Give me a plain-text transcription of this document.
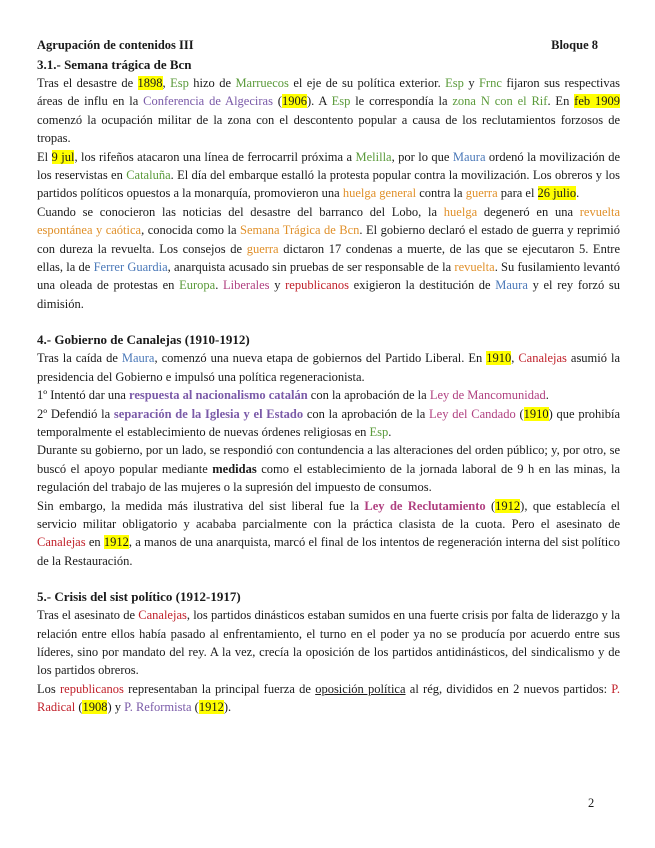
Agrupación de contenidos III	Bloque 8
3.1.- Semana trágica de Bcn

Tras el desastre de 1898, Esp hizo de Marruecos el eje de su política exterior. Esp y Frnc fijaron sus respectivas áreas de influ en la Conferencia de Algeciras (1906). A Esp le correspondía la zona N con el Rif. En feb 1909 comenzó la ocupación militar de la zona con el descontento popular a causa de los reclutamientos forzosos de tropas.

El 9 jul, los rifeños atacaron una línea de ferrocarril próxima a Melilla, por lo que Maura ordenó la movilización de los reservistas en Cataluña. El día del embarque estalló la protesta popular contra la movilización. Los obreros y los partidos políticos opuestos a la monarquía, promovieron una huelga general contra la guerra para el 26 julio.

Cuando se conocieron las noticias del desastre del barranco del Lobo, la huelga degeneró en una revuelta espontánea y caótica, conocida como la Semana Trágica de Bcn. El gobierno declaró el estado de guerra y reprimió con dureza la revuelta. Los consejos de guerra dictaron 17 condenas a muerte, de las que se ejecutaron 5. Entre ellas, la de Ferrer Guardia, anarquista acusado sin pruebas de ser responsable de la revuelta. Su fusilamiento levantó una oleada de protestas en Europa. Liberales y republicanos exigieron la destitución de Maura y el rey forzó su dimisión.

4.- Gobierno de Canalejas (1910-1912)

Tras la caída de Maura, comenzó una nueva etapa de gobiernos del Partido Liberal. En 1910, Canalejas asumió la presidencia del Gobierno e impulsó una política regeneracionista.

1º Intentó dar una respuesta al nacionalismo catalán con la aprobación de la Ley de Mancomunidad.

2º Defendió la separación de la Iglesia y el Estado con la aprobación de la Ley del Candado (1910) que prohibía temporalmente el establecimiento de nuevas órdenes religiosas en Esp.

Durante su gobierno, por un lado, se respondió con contundencia a las alteraciones del orden público; y, por otro, se buscó el apoyo popular mediante medidas como el establecimiento de la jornada laboral de 9 h en las minas, la regulación del trabajo de las mujeres o la supresión del impuesto de consumos.

Sin embargo, la medida más ilustrativa del sist liberal fue la Ley de Reclutamiento (1912), que establecía el servicio militar obligatorio y acababa parcialmente con la práctica clasista de la cuota. Pero el asesinato de Canalejas en 1912, a manos de una anarquista, marcó el final de los intentos de regeneración interna del sist político de la Restauración.

5.- Crisis del sist político (1912-1917)

Tras el asesinato de Canalejas, los partidos dinásticos estaban sumidos en una fuerte crisis por falta de liderazgo y la relación entre ellos había pasado al enfrentamiento, el turno en el poder ya no se producía por acuerdo entre sus líderes, sino por mandato del rey. A la vez, crecía la oposición de los partidos antidinásticos, del sindicalismo y de los partidos obreros.

Los republicanos representaban la principal fuerza de oposición política al rég, divididos en 2 nuevos partidos: P. Radical (1908) y P. Reformista (1912).

2
